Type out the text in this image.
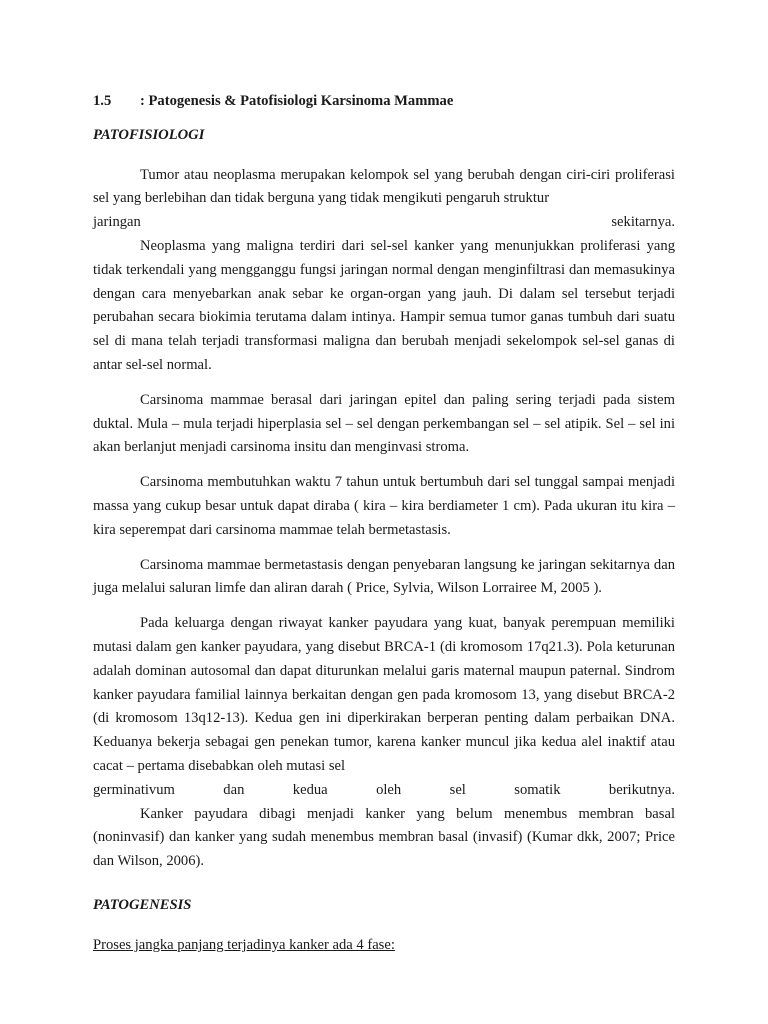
1.5 : Patogenesis & Patofisiologi Karsinoma Mammae

PATOFISIOLOGI

Tumor atau neoplasma merupakan kelompok sel yang berubah dengan ciri-ciri proliferasi sel yang berlebihan dan tidak berguna yang tidak mengikuti pengaruh struktur

jaringan	sekitarnya.

Neoplasma yang maligna terdiri dari sel-sel kanker yang menunjukkan proliferasi yang tidak terkendali yang mengganggu fungsi jaringan normal dengan menginfiltrasi dan memasukinya dengan cara menyebarkan anak sebar ke organ-organ yang jauh. Di dalam sel tersebut terjadi perubahan secara biokimia terutama dalam intinya. Hampir semua tumor ganas tumbuh dari suatu sel di mana telah terjadi transformasi maligna dan berubah menjadi sekelompok sel-sel ganas di antar sel-sel normal.

Carsinoma mammae berasal dari jaringan epitel dan paling sering terjadi pada sistem duktal. Mula – mula terjadi hiperplasia sel – sel dengan perkembangan sel – sel atipik. Sel – sel ini akan berlanjut menjadi carsinoma insitu dan menginvasi stroma.

Carsinoma membutuhkan waktu 7 tahun untuk bertumbuh dari sel tunggal sampai menjadi massa yang cukup besar untuk dapat diraba ( kira – kira berdiameter 1 cm). Pada ukuran itu kira – kira seperempat dari carsinoma mammae telah bermetastasis.

Carsinoma mammae bermetastasis dengan penyebaran langsung ke jaringan sekitarnya dan juga melalui saluran limfe dan aliran darah ( Price, Sylvia, Wilson Lorrairee M, 2005 ).

Pada keluarga dengan riwayat kanker payudara yang kuat, banyak perempuan memiliki mutasi dalam gen kanker payudara, yang disebut BRCA-1 (di kromosom 17q21.3). Pola keturunan adalah dominan autosomal dan dapat diturunkan melalui garis maternal maupun paternal. Sindrom kanker payudara familial lainnya berkaitan dengan gen pada kromosom 13, yang disebut BRCA-2 (di kromosom 13q12-13). Kedua gen ini diperkirakan berperan penting dalam perbaikan DNA. Keduanya bekerja sebagai gen penekan tumor, karena kanker muncul jika kedua alel inaktif atau cacat – pertama disebabkan oleh mutasi sel

germinativum	dan	kedua	oleh	sel	somatik	berikutnya.

Kanker payudara dibagi menjadi kanker yang belum menembus membran basal (noninvasif) dan kanker yang sudah menembus membran basal (invasif) (Kumar dkk, 2007; Price dan Wilson, 2006).

PATOGENESIS

Proses jangka panjang terjadinya kanker ada 4 fase:
